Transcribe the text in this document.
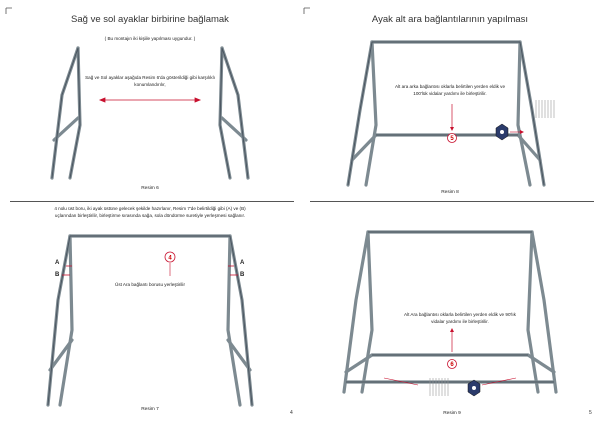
Sağ ve sol ayaklar birbirine bağlamak
( Bu montajın iki kişiile yapılması uygundur. )
Sağ ve Sol ayaklar aşağıda Resim 6'da gösterildiği gibi karşılıklı konumlandırılır,
Resim 6
4 nolu üst boru, iki ayak üstüne gelecek şekilde hazırlanır, Resim 7'de belirtildiği gibi (A) ve (B) uçlarından birleştirilir, birleştirme sırasında sağa, sola döndürme suretiyle yerleşmesi sağlanır.
Üst Ara bağlantı borusu yerleştirilir
Resim 7
4
4
A
B
A
B
Ayak alt ara bağlantılarının yapılması
Alt ara arka bağlantısı oklarla belirtilen yerden eldik ve 100'lük vidalar yardımı ile birleştirilir.
Resim 8
Alt Ara bağlantısı oklarla belirtilen yerden eldik ve 90'lık vidalar yardımı ile birleştirilir.
Resim 9	5
5
6
